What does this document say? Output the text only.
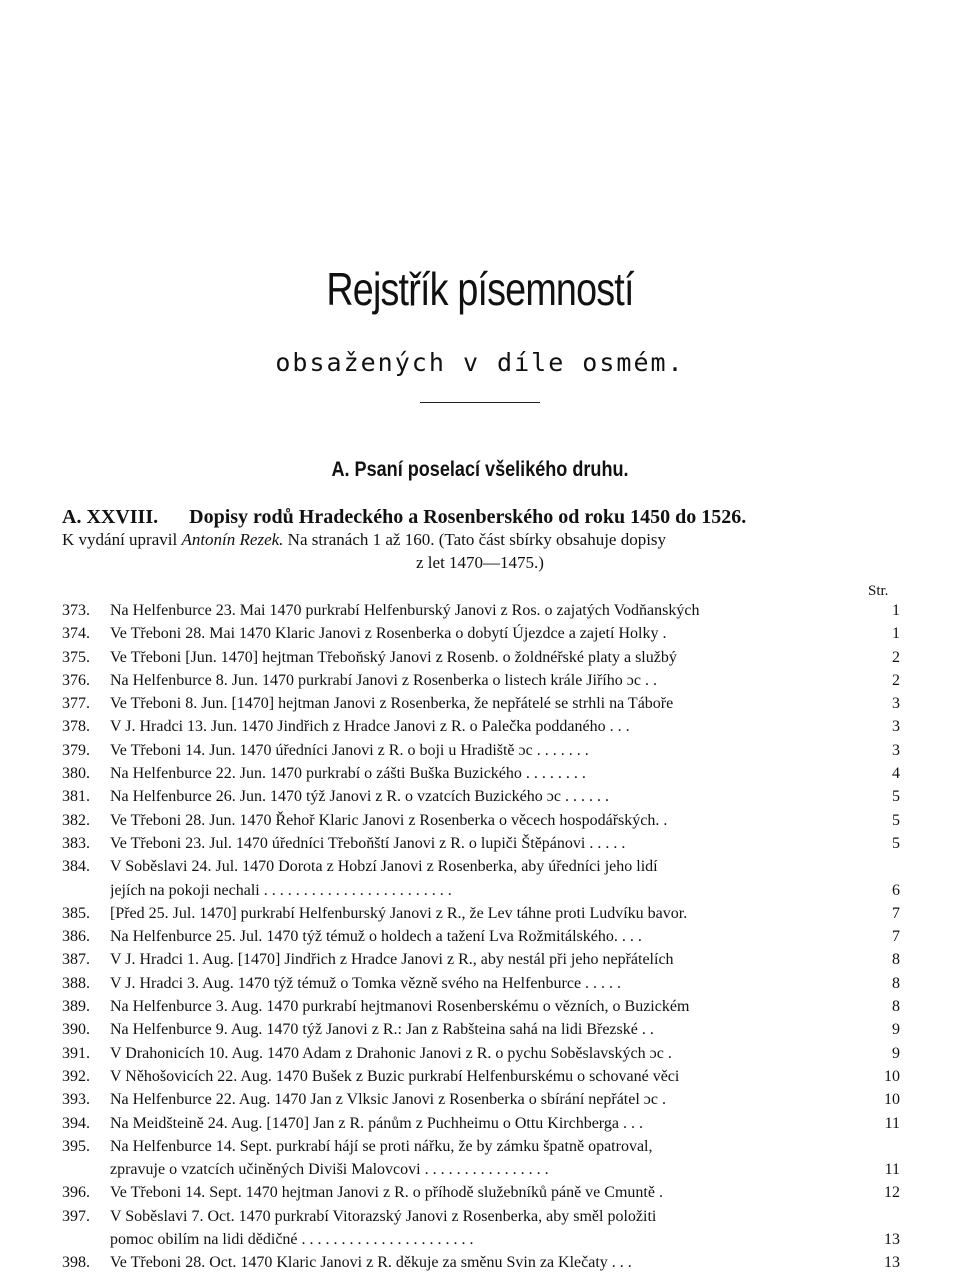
Rejstřík písemností
obsažených v díle osmém.
A. Psaní poselací všelikého druhu.
A. XXVIII. Dopisy rodů Hradeckého a Rosenberského od roku 1450 do 1526.
K vydání upravil Antonín Rezek. Na stranách 1 až 160. (Tato část sbírky obsahuje dopisy
z let 1470—1475.)
Str.
373.	Na Helfenburce 23. Mai 1470 purkrabí Helfenburský Janovi z Ros. o zajatých Vodňanských	1
374.	Ve Třeboni 28. Mai 1470 Klaric Janovi z Rosenberka o dobytí Újezdce a zajetí Holky .	1
375.	Ve Třeboni [Jun. 1470] hejtman Třeboňský Janovi z Rosenb. o žoldnéřské platy a službý	2
376.	Na Helfenburce 8. Jun. 1470 purkrabí Janovi z Rosenberka o listech krále Jiřího ɔc . .	2
377.	Ve Třeboni 8. Jun. [1470] hejtman Janovi z Rosenberka, že nepřátelé se strhli na Táboře	3
378.	V J. Hradci 13. Jun. 1470 Jindřich z Hradce Janovi z R. o Palečka poddaného . . .	3
379.	Ve Třeboni 14. Jun. 1470 úředníci Janovi z R. o boji u Hradiště ɔc . . . . . . .	3
380.	Na Helfenburce 22. Jun. 1470 purkrabí o zášti Buška Buzického . . . . . . . .	4
381.	Na Helfenburce 26. Jun. 1470 týž Janovi z R. o vzatcích Buzického ɔc . . . . . .	5
382.	Ve Třeboni 28. Jun. 1470 Řehoř Klaric Janovi z Rosenberka o věcech hospodářských. .	5
383.	Ve Třeboni 23. Jul. 1470 úředníci Třeboňští Janovi z R. o lupiči Štěpánovi . . . . .	5
384.	V Soběslavi 24. Jul. 1470 Dorota z Hobzí Janovi z Rosenberka, aby úředníci jeho lidí
jejích na pokoji nechali . . . . . . . . . . . . . . . . . . . . . . . .	6
385.	[Před 25. Jul. 1470] purkrabí Helfenburský Janovi z R., že Lev táhne proti Ludvíku bavor.	7
386.	Na Helfenburce 25. Jul. 1470 týž témuž o holdech a tažení Lva Rožmitálského. . . .	7
387.	V J. Hradci 1. Aug. [1470] Jindřich z Hradce Janovi z R., aby nestál při jeho nepřátelích	8
388.	V J. Hradci 3. Aug. 1470 týž témuž o Tomka vězně svého na Helfenburce . . . . .	8
389.	Na Helfenburce 3. Aug. 1470 purkrabí hejtmanovi Rosenberskému o vězních, o Buzickém	8
390.	Na Helfenburce 9. Aug. 1470 týž Janovi z R.: Jan z Rabšteina sahá na lidi Březské . .	9
391.	V Drahonicích 10. Aug. 1470 Adam z Drahonic Janovi z R. o pychu Soběslavských ɔc .	9
392.	V Něhošovicích 22. Aug. 1470 Bušek z Buzic purkrabí Helfenburskému o schované věci	10
393.	Na Helfenburce 22. Aug. 1470 Jan z Vlksic Janovi z Rosenberka o sbírání nepřátel ɔc .	10
394.	Na Meidšteině 24. Aug. [1470] Jan z R. pánům z Puchheimu o Ottu Kirchberga . . .	11
395.	Na Helfenburce 14. Sept. purkrabí hájí se proti nářku, že by zámku špatně opatroval,
zpravuje o vzatcích učiněných Diviši Malovcovi . . . . . . . . . . . . . . . .	11
396.	Ve Třeboni 14. Sept. 1470 hejtman Janovi z R. o příhodě služebníků páně ve Cmuntě .	12
397.	V Soběslavi 7. Oct. 1470 purkrabí Vitorazský Janovi z Rosenberka, aby směl položiti
pomoc obilím na lidi dědičné . . . . . . . . . . . . . . . . . . . . . .	13
398.	Ve Třeboni 28. Oct. 1470 Klaric Janovi z R. děkuje za směnu Svin za Klečaty . . .	13
